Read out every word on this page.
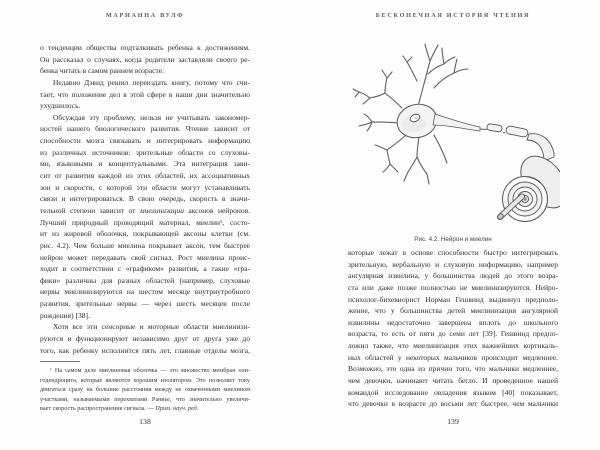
МАРИАННА ВУЛФ	БЕСКОНЕЧНАЯ ИСТОРИЯ ЧТЕНИЯ
о тенденции общества подталкивать ребенка к достижениям.
Он рассказал о случаях, когда родители заставляли своего ре-
бенка читать в самом раннем возрасте.
Недавно Дэвид решил переиздать книгу, потому что счи-
тает, что положение дел в этой сфере в наши дни значительно
ухудшилось.
Обсуждая эту проблему, нельзя не учитывать закономер-
ностей нашего биологического развития. Чтение зависит от
способности мозга связывать и интегрировать информацию
из различных источников: зрительные области со слуховы-
ми, языковыми и концептуальными. Эта интеграция зави-
сит от развития каждой из этих областей, их ассоциативных
зон и скорости, с которой эти области могут устанавливать
связи и интегрироваться. В свою очередь, скорость в значи-
тельной степени зависит от миелинизации аксонов нейронов.
Лучший природный проводящий материал, миелин¹, состо-
ит из жировой оболочки, покрывающей аксоны клетки (см.
рис. 4.2). Чем больше миелина покрывает аксон, тем быстрее
нейрон может передавать свой сигнал. Рост миелина проис-
ходит в соответствии с «графиком» развития, а такие «гра-
фики» различны для разных областей (например, слуховые
нервы миелинизируются на шестом месяце внутриутробного
развития, зрительные нервы — через шесть месяцев после
рождения) [38].
Хотя все эти сенсорные и моторные области миелинизи-
руются и функционируют независимо друг от друга уже до
того, как ребенку исполнится пять лет, главные отделы мозга,
¹ На самом деле миелиновая оболочка — это множество мембран оли-
годендроцита, которые являются хорошим изолятором. Это позволяет току
двигаться сразу на большие расстояния между не охваченными миелином
участками, называемыми перехватами Ранвье, что значительно увеличи-
вает скорость распространения сигнала. — Прим. науч. ред.
138
Рис. 4.2. Нейрон и миелин
которые лежат в основе способности быстро интегрировать
зрительную, вербальную и слуховую информацию, например
ангулярная извилина, у большинства людей до этого возра-
ста или даже позже полностью не миелинизируются. Нейро-
психолог-бихевиорист Норман Гешвинд выдвинул предполо-
жение, что у большинства детей миелинизация ангулярной
извилины недостаточно завершена вплоть до школьного
возраста, то есть от пяти до семи лет [39]. Гешвинд предпо-
ложил также, что миелинизация этих важнейших кортикаль-
ных областей у некоторых мальчиков происходит медленнее.
Возможно, это одна из причин того, что мальчики медленнее,
чем девочки, начинают читать бегло. И проведенное нашей
командой исследование овладения языком [40] показывает,
что девочки в возрасте до восьми лет быстрее, чем мальчики
139
